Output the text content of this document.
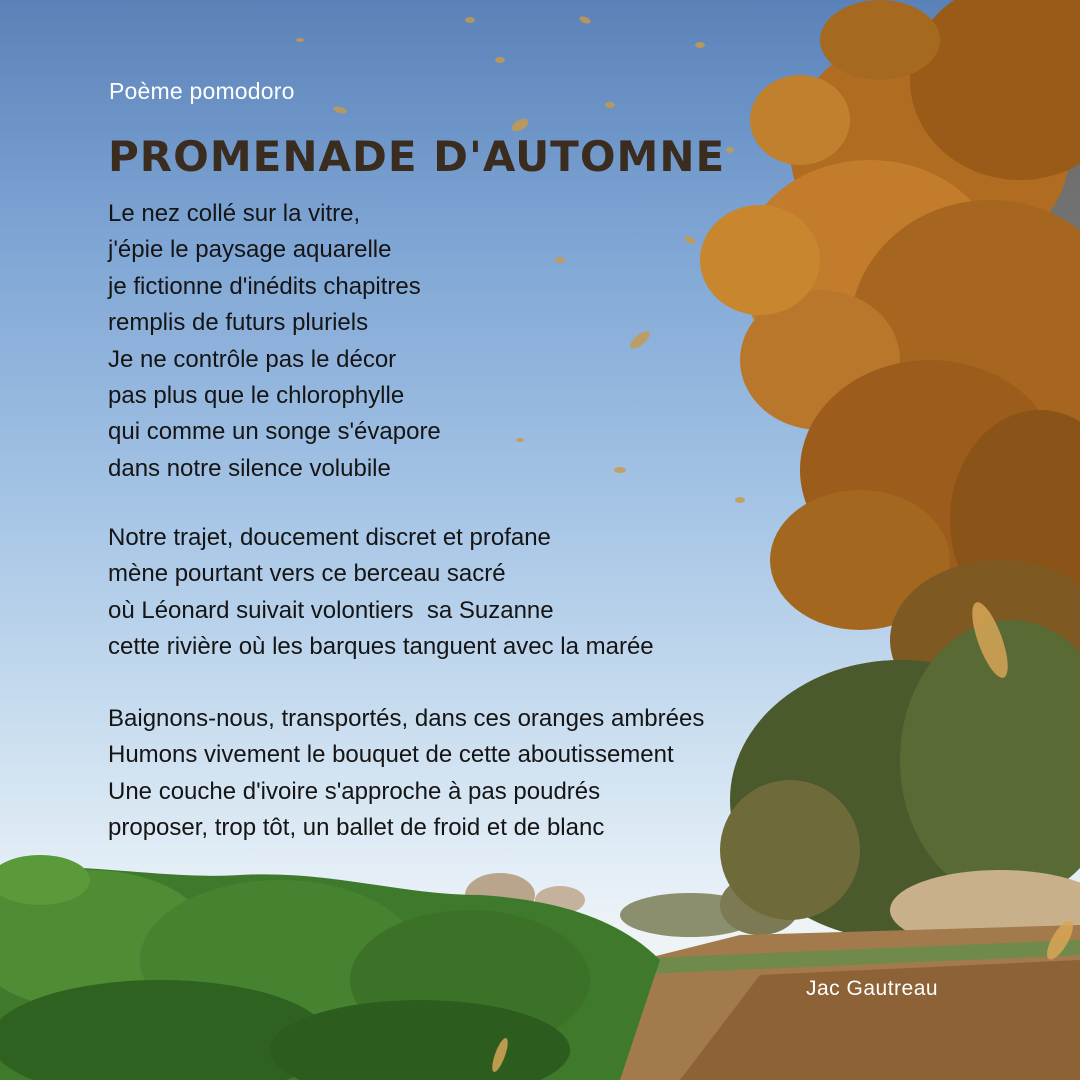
Poème pomodoro
PROMENADE D'AUTOMNE
Le nez collé sur la vitre,
j'épie le paysage aquarelle
je fictionne d'inédits chapitres
remplis de futurs pluriels
Je ne contrôle pas le décor
pas plus que le chlorophylle
qui comme un songe s'évapore
dans notre silence volubile
Notre trajet, doucement discret et profane
mène pourtant vers ce berceau sacré
où Léonard suivait volontiers  sa Suzanne
cette rivière où les barques tanguent avec la marée
Baignons-nous, transportés, dans ces oranges ambrées
Humons vivement le bouquet de cette aboutissement
Une couche d'ivoire s'approche à pas poudrés
proposer, trop tôt, un ballet de froid et de blanc
Jac Gautreau
